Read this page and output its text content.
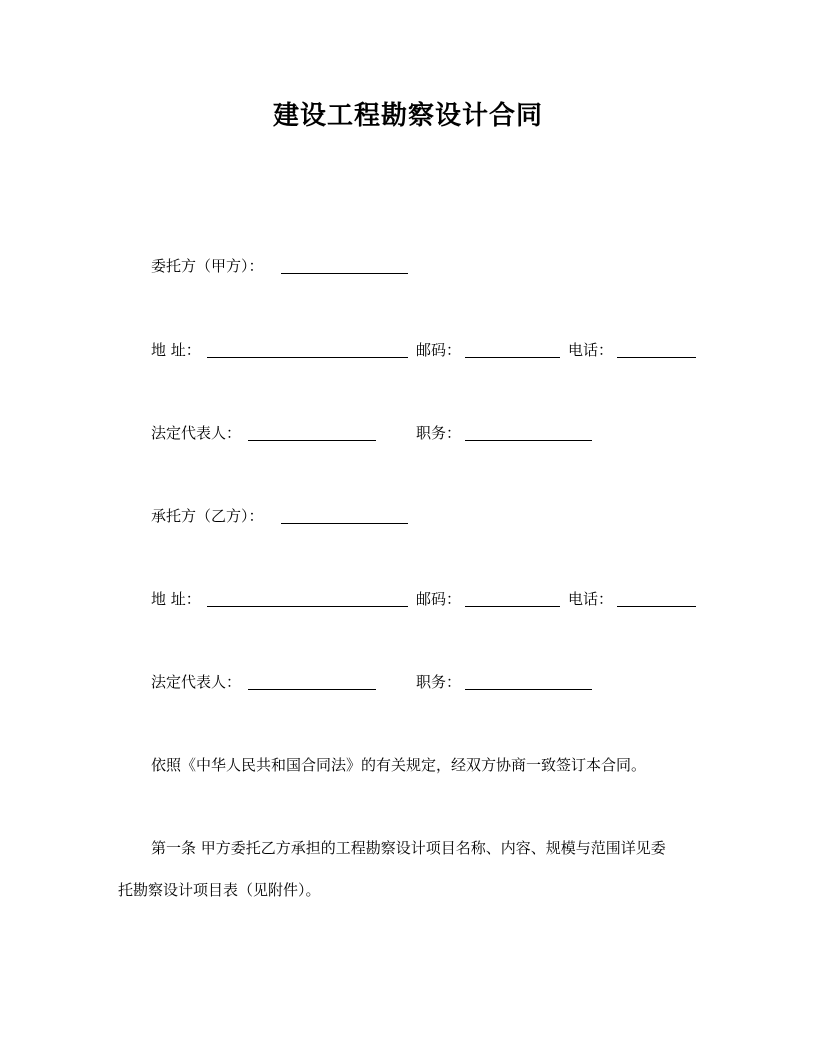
建设工程勘察设计合同
委托方（甲方）：
地 址：	邮码：	电话：
法定代表人：	职务：
承托方（乙方）：
地 址：	邮码：	电话：
法定代表人：	职务：
依照《中华人民共和国合同法》的有关规定，经双方协商一致签订本合同。
第一条 甲方委托乙方承担的工程勘察设计项目名称、内容、规模与范围详见委
托勘察设计项目表（见附件）。
